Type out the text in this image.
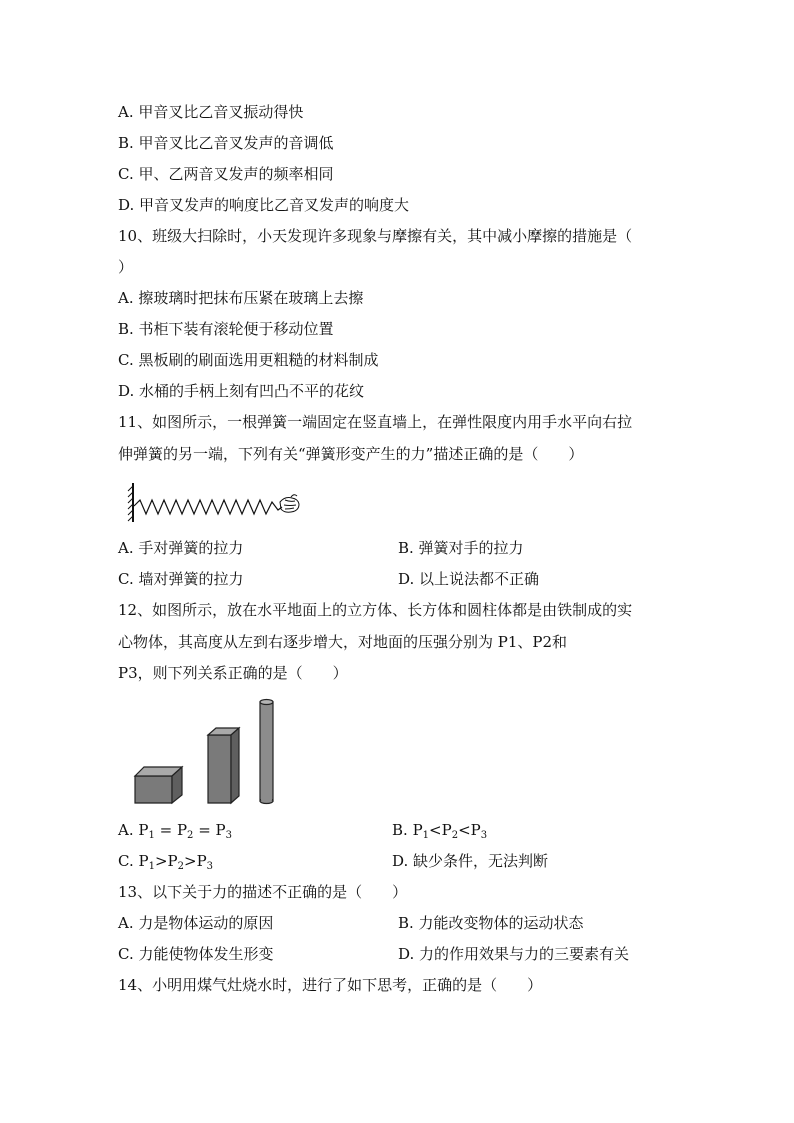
A. 甲音叉比乙音叉振动得快
B. 甲音叉比乙音叉发声的音调低
C. 甲、乙两音叉发声的频率相同
D. 甲音叉发声的响度比乙音叉发声的响度大
10、班级大扫除时，小天发现许多现象与摩擦有关，其中减小摩擦的措施是（
）
A. 擦玻璃时把抹布压紧在玻璃上去擦
B. 书柜下装有滚轮便于移动位置
C. 黑板刷的刷面选用更粗糙的材料制成
D. 水桶的手柄上刻有凹凸不平的花纹
11、如图所示，一根弹簧一端固定在竖直墙上，在弹性限度内用手水平向右拉
伸弹簧的另一端，下列有关“弹簧形变产生的力”描述正确的是（　　）
A. 手对弹簧的拉力	B. 弹簧对手的拉力
C. 墙对弹簧的拉力	D. 以上说法都不正确
12、如图所示，放在水平地面上的立方体、长方体和圆柱体都是由铁制成的实
心物体，其高度从左到右逐步增大，对地面的压强分别为 P1、P2和
P3，则下列关系正确的是（　　）
A. $P_1 = P_2 = P_3$	B. $P_1<P_2<P_3$
C. $P_1>P_2>P_3$	D. 缺少条件，无法判断
13、以下关于力的描述不正确的是（　　）
A. 力是物体运动的原因	B. 力能改变物体的运动状态
C. 力能使物体发生形变	D. 力的作用效果与力的三要素有关
14、小明用煤气灶烧水时，进行了如下思考，正确的是（　　）
